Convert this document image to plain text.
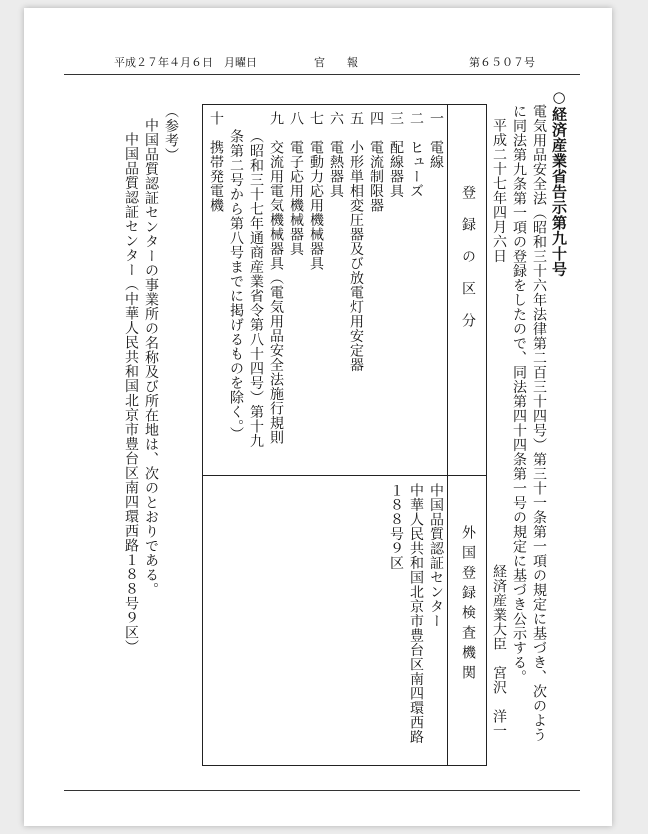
平成２７年４月６日　月曜日	官　　報	第６５０７号
○経済産業省告示第九十号
電気用品安全法（昭和三十六年法律第二百三十四号）第三十一条第一項の規定に基づき、次のよう
に同法第九条第一項の登録をしたので、同法第四十四条第一号の規定に基づき公示する。
平成二十七年四月六日
経済産業大臣　宮沢　洋一
登録の区分
外国登録検査機関
一　電線
二　ヒューズ
三　配線器具
四　電流制限器
五　小形単相変圧器及び放電灯用安定器
六　電熱器具
七　電動力応用機械器具
八　電子応用機械器具
九　交流用電気機械器具（電気用品安全法施行規則
（昭和三十七年通商産業省令第八十四号）第十九
条第二号から第八号までに掲げるものを除く。）
十　携帯発電機
中国品質認証センター
中華人民共和国北京市豊台区南四環西路
１８８号９区
（参考）
中国品質認証センターの事業所の名称及び所在地は、次のとおりである。
中国品質認証センター（中華人民共和国北京市豊台区南四環西路１８８号９区）
